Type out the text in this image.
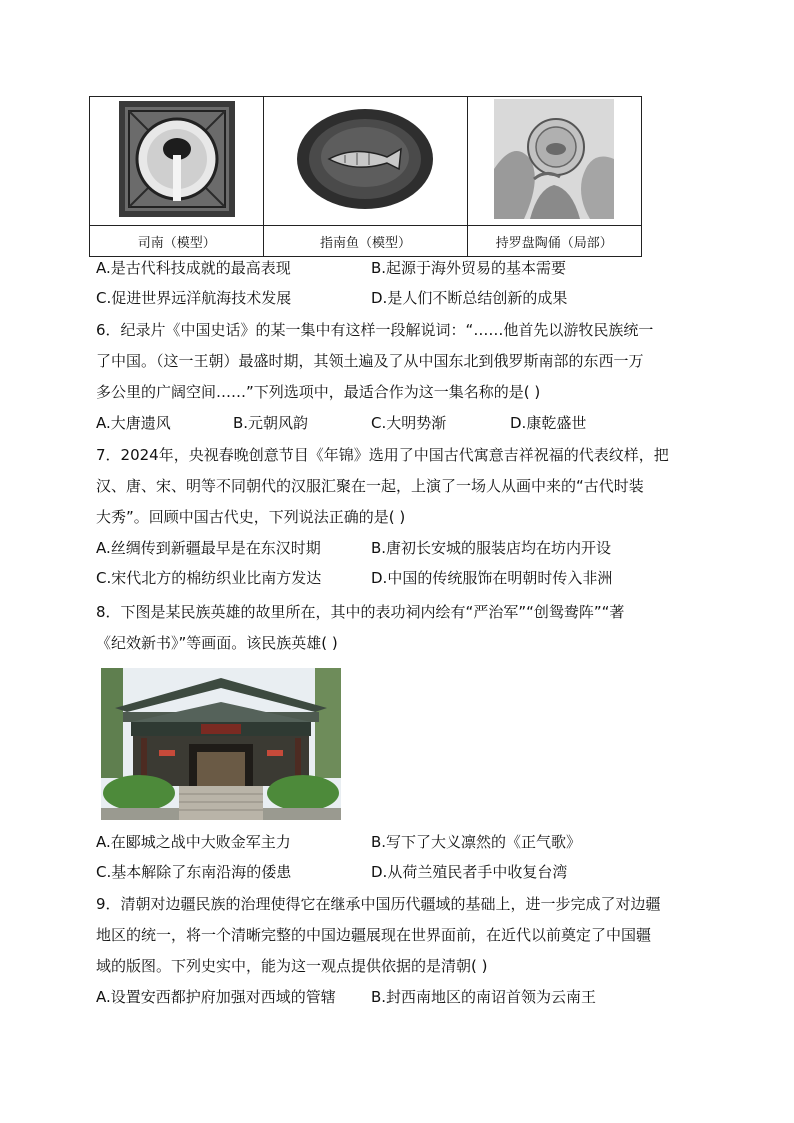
司南（模型）	指南鱼（模型）	持罗盘陶俑（局部）
A.是古代科技成就的最高表现	B.起源于海外贸易的基本需要
C.促进世界远洋航海技术发展	D.是人们不断总结创新的成果
6．纪录片《中国史话》的某一集中有这样一段解说词：“……他首先以游牧民族统一
了中国。（这一王朝）最盛时期，其领土遍及了从中国东北到俄罗斯南部的东西一万
多公里的广阔空间……”下列选项中，最适合作为这一集名称的是( )
A.大唐遗风	B.元朝风韵	C.大明势渐	D.康乾盛世
7．2024年，央视春晚创意节目《年锦》选用了中国古代寓意吉祥祝福的代表纹样，把
汉、唐、宋、明等不同朝代的汉服汇聚在一起，上演了一场人从画中来的“古代时装
大秀”。回顾中国古代史，下列说法正确的是( )
A.丝绸传到新疆最早是在东汉时期	B.唐初长安城的服装店均在坊内开设
C.宋代北方的棉纺织业比南方发达	D.中国的传统服饰在明朝时传入非洲
8．下图是某民族英雄的故里所在，其中的表功祠内绘有“严治军”“创鸳鸯阵”“著
《纪效新书》”等画面。该民族英雄( )
A.在郾城之战中大败金军主力	B.写下了大义凛然的《正气歌》
C.基本解除了东南沿海的倭患	D.从荷兰殖民者手中收复台湾
9．清朝对边疆民族的治理使得它在继承中国历代疆域的基础上，进一步完成了对边疆
地区的统一，将一个清晰完整的中国边疆展现在世界面前，在近代以前奠定了中国疆
域的版图。下列史实中，能为这一观点提供依据的是清朝( )
A.设置安西都护府加强对西域的管辖 B.封西南地区的南诏首领为云南王
